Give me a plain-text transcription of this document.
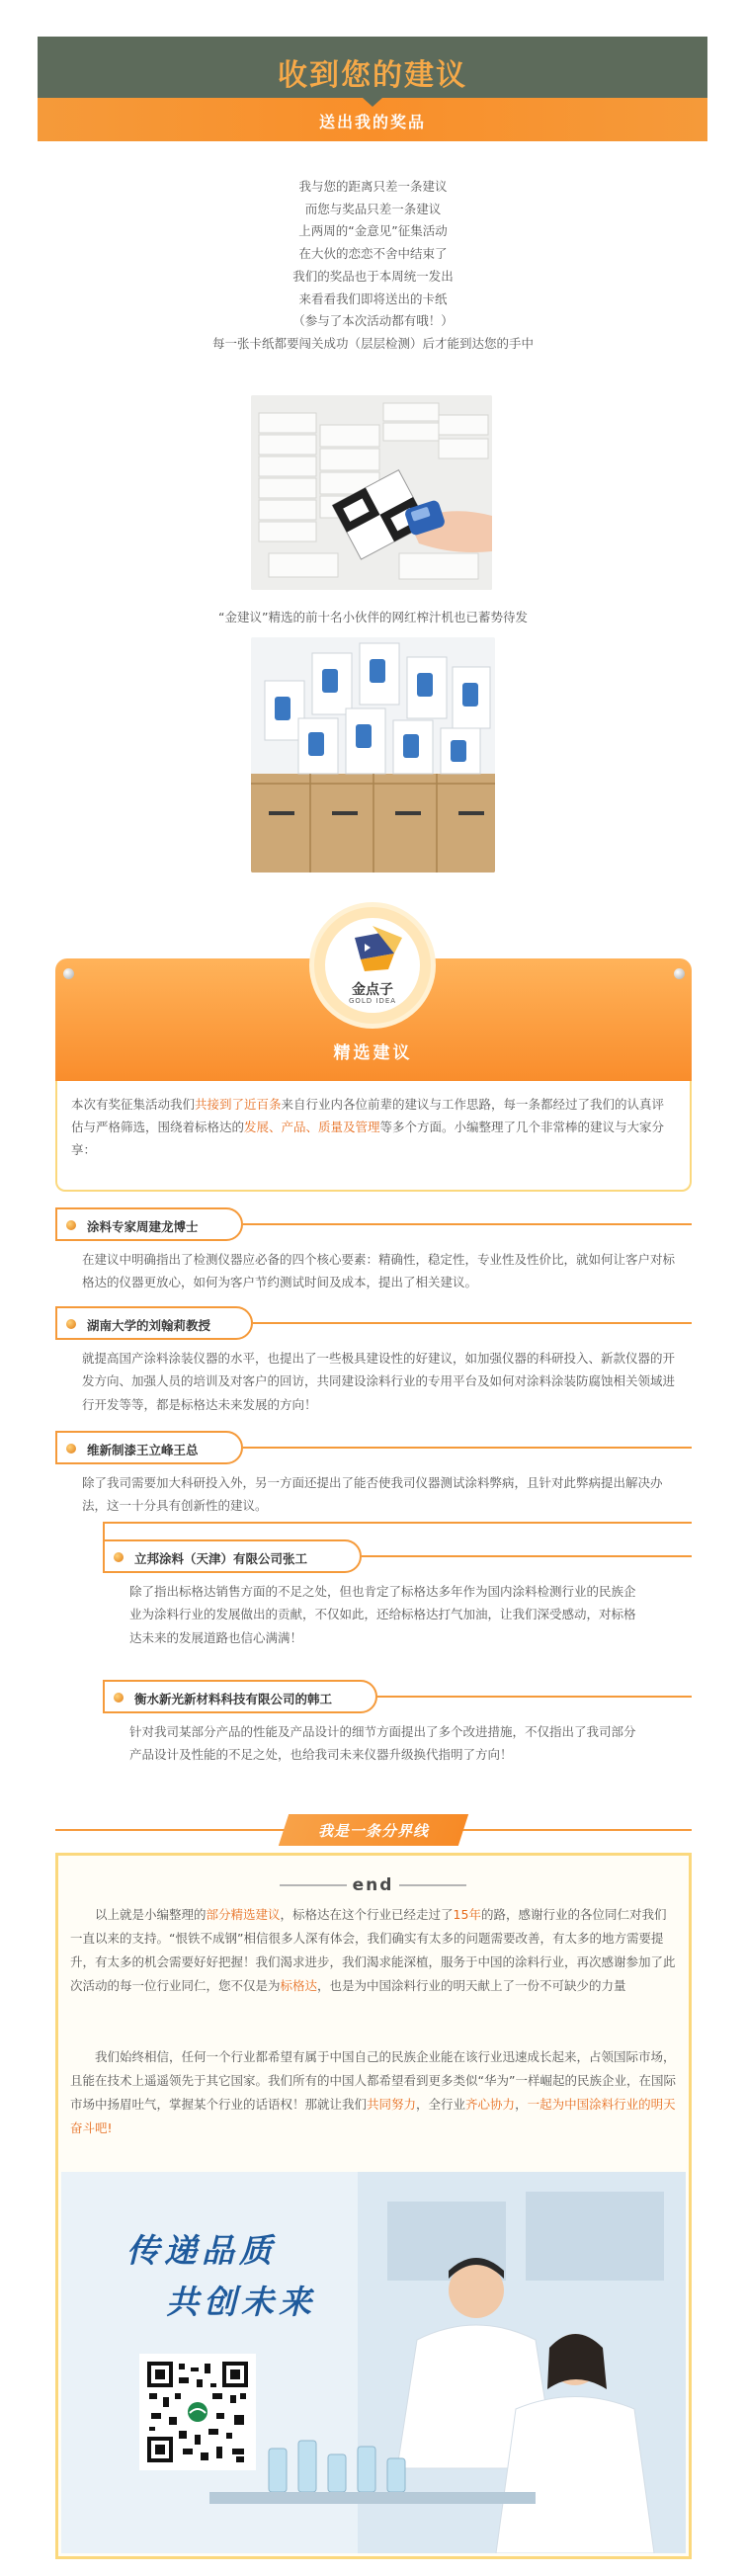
收到您的建议
送出我的奖品
我与您的距离只差一条建议
而您与奖品只差一条建议
上两周的“金意见”征集活动
在大伙的恋恋不舍中结束了
我们的奖品也于本周统一发出
来看看我们即将送出的卡纸
（参与了本次活动都有哦！）
每一张卡纸都要闯关成功（层层检测）后才能到达您的手中
“金建议”精选的前十名小伙伴的网红榨汁机也已蓄势待发
金点子
GOLD IDEA
精选建议
本次有奖征集活动我们共接到了近百条来自行业内各位前辈的建议与工作思路，每一条都经过了我们的认真评估与严格筛选，围绕着标格达的发展、产品、质量及管理等多个方面。小编整理了几个非常棒的建议与大家分享：
涂料专家周建龙博士
在建议中明确指出了检测仪器应必备的四个核心要素：精确性，稳定性，专业性及性价比，就如何让客户对标格达的仪器更放心，如何为客户节约测试时间及成本，提出了相关建议。
湖南大学的刘翰莉教授
就提高国产涂料涂装仪器的水平，也提出了一些极具建设性的好建议，如加强仪器的科研投入、新款仪器的开发方向、加强人员的培训及对客户的回访，共同建设涂料行业的专用平台及如何对涂料涂装防腐蚀相关领域进行开发等等，都是标格达未来发展的方向！
维新制漆王立峰王总
除了我司需要加大科研投入外，另一方面还提出了能否使我司仪器测试涂料弊病，且针对此弊病提出解决办法，这一十分具有创新性的建议。
立邦涂料（天津）有限公司张工
除了指出标格达销售方面的不足之处，但也肯定了标格达多年作为国内涂料检测行业的民族企业为涂料行业的发展做出的贡献，不仅如此，还给标格达打气加油，让我们深受感动，对标格达未来的发展道路也信心满满！
衡水新光新材料科技有限公司的韩工
针对我司某部分产品的性能及产品设计的细节方面提出了多个改进措施，不仅指出了我司部分产品设计及性能的不足之处，也给我司未来仪器升级换代指明了方向！
我是一条分界线
end
以上就是小编整理的部分精选建议，标格达在这个行业已经走过了15年的路，感谢行业的各位同仁对我们一直以来的支持。“恨铁不成钢”相信很多人深有体会，我们确实有太多的问题需要改善，有太多的地方需要提升，有太多的机会需要好好把握！我们渴求进步，我们渴求能深植，服务于中国的涂料行业，再次感谢参加了此次活动的每一位行业同仁，您不仅是为标格达，也是为中国涂料行业的明天献上了一份不可缺少的力量
我们始终相信，任何一个行业都希望有属于中国自己的民族企业能在该行业迅速成长起来，占领国际市场，且能在技术上遥遥领先于其它国家。我们所有的中国人都希望看到更多类似“华为”一样崛起的民族企业，在国际市场中扬眉吐气，掌握某个行业的话语权！那就让我们共同努力，全行业齐心协力，一起为中国涂料行业的明天奋斗吧!
传递品质
共创未来
